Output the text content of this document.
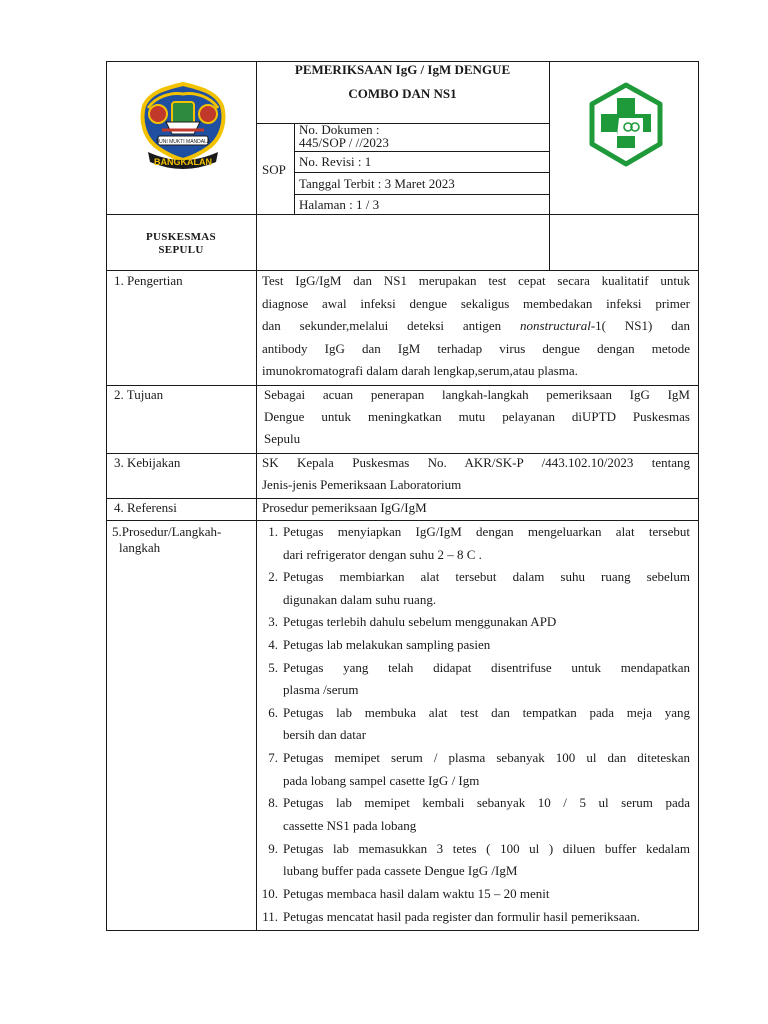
SUNI MUKTI MANDALA
BANGKALAN
PEMERIKSAAN IgG / IgM DENGUE
COMBO DAN NS1
SOP
No. Dokumen :
445/SOP / //2023
No. Revisi : 1
Tanggal Terbit : 3 Maret 2023
Halaman : 1 / 3
PUSKESMAS
SEPULU
1. Pengertian
2. Tujuan
3. Kebijakan
4. Referensi
5.Prosedur/Langkah-
langkah
Test IgG/IgM dan NS1 merupakan test cepat secara kualitatif untuk
diagnose awal infeksi dengue sekaligus membedakan infeksi primer
dan sekunder,melalui deteksi antigen nonstructural-1( NS1) dan
antibody IgG dan IgM terhadap virus dengue dengan metode
imunokromatografi dalam darah lengkap,serum,atau plasma.
Sebagai acuan penerapan langkah-langkah pemeriksaan IgG IgM
Dengue untuk meningkatkan mutu pelayanan diUPTD Puskesmas
Sepulu
SK Kepala Puskesmas No. AKR/SK-P /443.102.10/2023 tentang
Jenis-jenis Pemeriksaan Laboratorium
Prosedur pemeriksaan IgG/IgM
1. Petugas menyiapkan IgG/IgM dengan mengeluarkan alat tersebut
dari refrigerator dengan suhu 2 – 8 C .
2. Petugas membiarkan alat tersebut dalam suhu ruang sebelum
digunakan dalam suhu ruang.
3. Petugas terlebih dahulu sebelum menggunakan APD
4. Petugas lab melakukan sampling pasien
5. Petugas yang telah didapat disentrifuse untuk mendapatkan
plasma /serum
6. Petugas lab membuka alat test dan tempatkan pada meja yang
bersih dan datar
7. Petugas memipet serum / plasma sebanyak 100 ul dan diteteskan
pada lobang sampel casette IgG / Igm
8. Petugas lab memipet kembali sebanyak 10 / 5 ul serum pada
cassette NS1 pada lobang
9. Petugas lab memasukkan 3 tetes ( 100 ul ) diluen buffer kedalam
lubang buffer pada cassete Dengue IgG /IgM
10. Petugas membaca hasil dalam waktu 15 – 20 menit
11. Petugas mencatat hasil pada register dan formulir hasil pemeriksaan.
